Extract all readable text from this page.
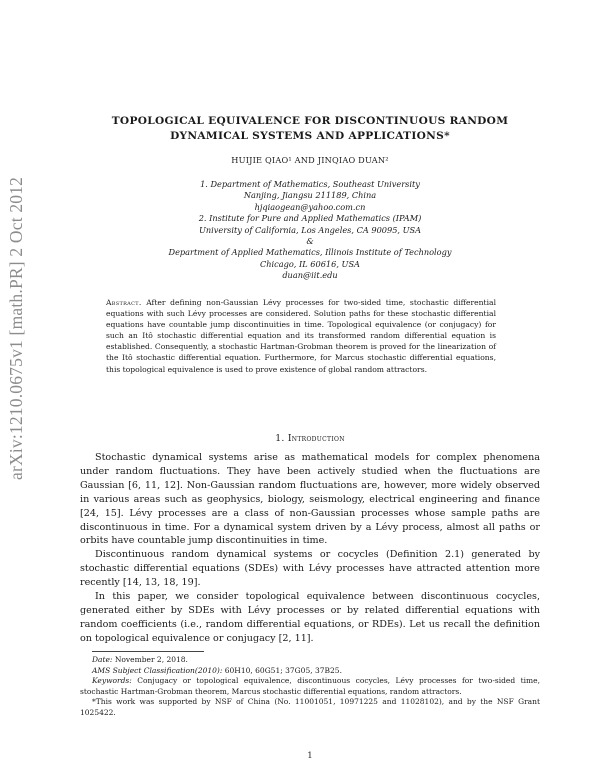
arXiv:1210.0675v1 [math.PR] 2 Oct 2012
TOPOLOGICAL EQUIVALENCE FOR DISCONTINUOUS RANDOM
DYNAMICAL SYSTEMS AND APPLICATIONS*
HUIJIE QIAO¹ AND JINQIAO DUAN²
1. Department of Mathematics, Southeast University
Nanjing, Jiangsu 211189, China
hjqiaogean@yahoo.com.cn
2. Institute for Pure and Applied Mathematics (IPAM)
University of California, Los Angeles, CA 90095, USA
&
Department of Applied Mathematics, Illinois Institute of Technology
Chicago, IL 60616, USA
duan@iit.edu
Abstract. After defining non-Gaussian Lévy processes for two-sided time, stochastic differential equations with such Lévy processes are considered. Solution paths for these stochastic differential equations have countable jump discontinuities in time. Topological equivalence (or conjugacy) for such an Itô stochastic differential equation and its transformed random differential equation is established. Consequently, a stochastic Hartman-Grobman theorem is proved for the linearization of the Itô stochastic differential equation. Furthermore, for Marcus stochastic differential equations, this topological equivalence is used to prove existence of global random attractors.
1. Introduction

Stochastic dynamical systems arise as mathematical models for complex phenomena under random fluctuations. They have been actively studied when the fluctuations are Gaussian [6, 11, 12]. Non-Gaussian random fluctuations are, however, more widely observed in various areas such as geophysics, biology, seismology, electrical engineering and finance [24, 15]. Lévy processes are a class of non-Gaussian processes whose sample paths are discontinuous in time. For a dynamical system driven by a Lévy process, almost all paths or orbits have countable jump discontinuities in time.

Discontinuous random dynamical systems or cocycles (Definition 2.1) generated by stochastic differential equations (SDEs) with Lévy processes have attracted attention more recently [14, 13, 18, 19].

In this paper, we consider topological equivalence between discontinuous cocycles, generated either by SDEs with Lévy processes or by related differential equations with random coefficients (i.e., random differential equations, or RDEs). Let us recall the definition on topological equivalence or conjugacy [2, 11].

Date: November 2, 2018.

AMS Subject Classification(2010): 60H10, 60G51; 37G05, 37B25.

Keywords: Conjugacy or topological equivalence, discontinuous cocycles, Lévy processes for two-sided time, stochastic Hartman-Grobman theorem, Marcus stochastic differential equations, random attractors.

*This work was supported by NSF of China (No. 11001051, 10971225 and 11028102), and by the NSF Grant 1025422.

1
